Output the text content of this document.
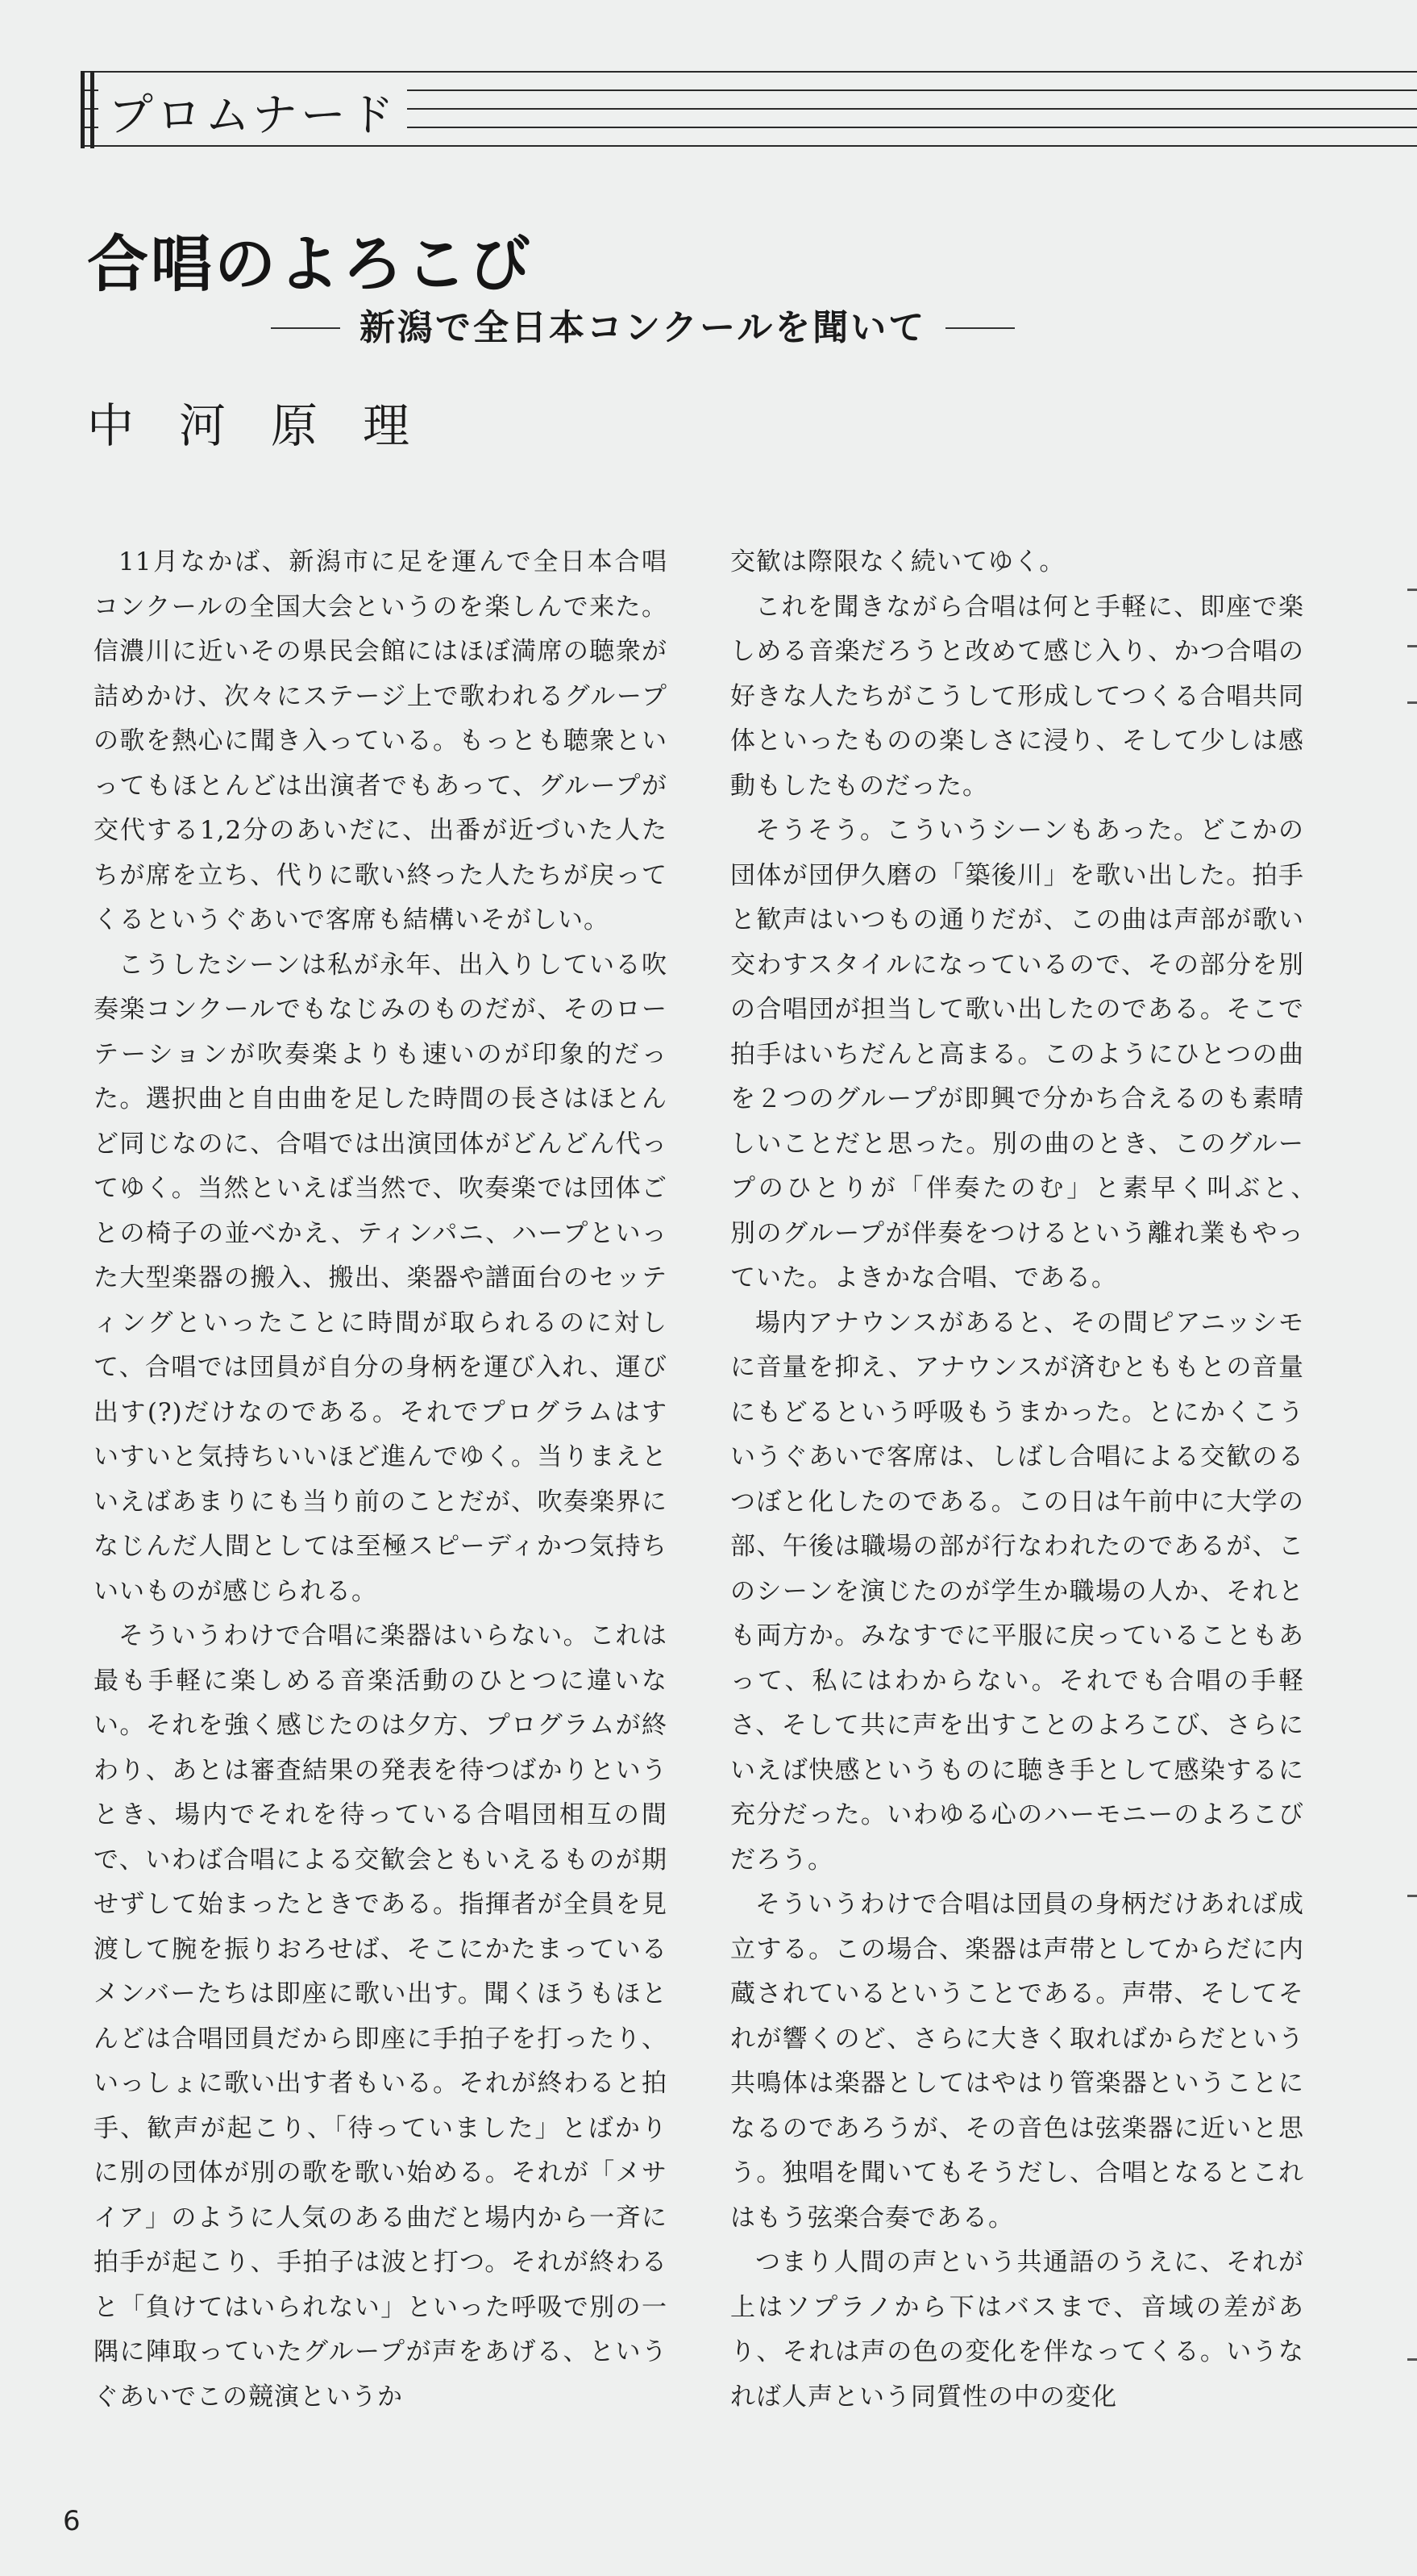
プロムナード
合唱のよろこび
新潟で全日本コンクールを聞いて
中河原理

11月なかば、新潟市に足を運んで全日本合唱コンクールの全国大会というのを楽しんで来た。信濃川に近いその県民会館にはほぼ満席の聴衆が詰めかけ、次々にステージ上で歌われるグループの歌を熱心に聞き入っている。もっとも聴衆といってもほとんどは出演者でもあって、グループが交代する1,2分のあいだに、出番が近づいた人たちが席を立ち、代りに歌い終った人たちが戻ってくるというぐあいで客席も結構いそがしい。

こうしたシーンは私が永年、出入りしている吹奏楽コンクールでもなじみのものだが、そのローテーションが吹奏楽よりも速いのが印象的だった。選択曲と自由曲を足した時間の長さはほとんど同じなのに、合唱では出演団体がどんどん代ってゆく。当然といえば当然で、吹奏楽では団体ごとの椅子の並べかえ、ティンパニ、ハープといった大型楽器の搬入、搬出、楽器や譜面台のセッティングといったことに時間が取られるのに対して、合唱では団員が自分の身柄を運び入れ、運び出す(?)だけなのである。それでプログラムはすいすいと気持ちいいほど進んでゆく。当りまえといえばあまりにも当り前のことだが、吹奏楽界になじんだ人間としては至極スピーディかつ気持ちいいものが感じられる。

そういうわけで合唱に楽器はいらない。これは最も手軽に楽しめる音楽活動のひとつに違いない。それを強く感じたのは夕方、プログラムが終わり、あとは審査結果の発表を待つばかりというとき、場内でそれを待っている合唱団相互の間で、いわば合唱による交歓会ともいえるものが期せずして始まったときである。指揮者が全員を見渡して腕を振りおろせば、そこにかたまっているメンバーたちは即座に歌い出す。聞くほうもほとんどは合唱団員だから即座に手拍子を打ったり、いっしょに歌い出す者もいる。それが終わると拍手、歓声が起こり、「待っていました」とばかりに別の団体が別の歌を歌い始める。それが「メサイア」のように人気のある曲だと場内から一斉に拍手が起こり、手拍子は波と打つ。それが終わると「負けてはいられない」といった呼吸で別の一隅に陣取っていたグループが声をあげる、というぐあいでこの競演というか

交歓は際限なく続いてゆく。

これを聞きながら合唱は何と手軽に、即座で楽しめる音楽だろうと改めて感じ入り、かつ合唱の好きな人たちがこうして形成してつくる合唱共同体といったものの楽しさに浸り、そして少しは感動もしたものだった。

そうそう。こういうシーンもあった。どこかの団体が団伊久磨の「築後川」を歌い出した。拍手と歓声はいつもの通りだが、この曲は声部が歌い交わすスタイルになっているので、その部分を別の合唱団が担当して歌い出したのである。そこで拍手はいちだんと高まる。このようにひとつの曲を２つのグループが即興で分かち合えるのも素晴しいことだと思った。別の曲のとき、このグループのひとりが「伴奏たのむ」と素早く叫ぶと、　別のグループが伴奏をつけるという離れ業もやっていた。よきかな合唱、である。

場内アナウンスがあると、その間ピアニッシモに音量を抑え、アナウンスが済むとももとの音量にもどるという呼吸もうまかった。とにかくこういうぐあいで客席は、しばし合唱による交歓のるつぼと化したのである。この日は午前中に大学の部、午後は職場の部が行なわれたのであるが、このシーンを演じたのが学生か職場の人か、それとも両方か。みなすでに平服に戻っていることもあって、私にはわからない。それでも合唱の手軽さ、そして共に声を出すことのよろこび、さらにいえば快感というものに聴き手として感染するに充分だった。いわゆる心のハーモニーのよろこびだろう。

そういうわけで合唱は団員の身柄だけあれば成立する。この場合、楽器は声帯としてからだに内蔵されているということである。声帯、そしてそれが響くのど、さらに大きく取ればからだという共鳴体は楽器としてはやはり管楽器ということになるのであろうが、その音色は弦楽器に近いと思う。独唱を聞いてもそうだし、合唱となるとこれはもう弦楽合奏である。

つまり人間の声という共通語のうえに、それが上はソプラノから下はバスまで、音域の差があり、それは声の色の変化を伴なってくる。いうなれば人声という同質性の中の変化

6
